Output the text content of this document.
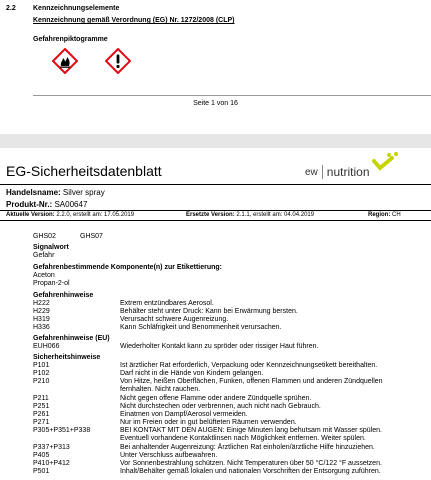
2.2 Kennzeichnungselemente
Kennzeichnung gemäß Verordnung (EG) Nr. 1272/2008 (CLP)
Gefahrenpiktogramme
Seite 1 von 16
EG-Sicherheitsdatenblatt	ew nutrition
Handelsname: Silver spray
Produkt-Nr.: SA00647
Aktuelle Version: 2.2.0, erstellt am: 17.05.2019	Ersetzte Version: 2.1.1, erstellt am: 04.04.2019	Region: CH
GHS02	GHS07
Signalwort
Gefahr
Gefahrenbestimmende Komponente(n) zur Etikettierung:
Aceton
Propan-2-ol
Gefahrenhinweise
H222	Extrem entzündbares Aerosol.
H229	Behälter steht unter Druck: Kann bei Erwärmung bersten.
H319	Verursacht schwere Augenreizung.
H336	Kann Schläfrigkeit und Benommenheit verursachen.
Gefahrenhinweise (EU)
EUH066	Wiederholter Kontakt kann zu spröder oder rissiger Haut führen.
Sicherheitshinweise
P101	Ist ärztlicher Rat erforderlich, Verpackung oder Kennzeichnungsetikett bereithalten.
P102	Darf nicht in die Hände von Kindern gelangen.
P210	Von Hitze, heißen Oberflächen, Funken, offenen Flammen und anderen Zündquellen
fernhalten. Nicht rauchen.
P211	Nicht gegen offene Flamme oder andere Zündquelle sprühen.
P251	Nicht durchstechen oder verbrennen, auch nicht nach Gebrauch.
P261	Einatmen von Dampf/Aerosol vermeiden.
P271	Nur im Freien oder in gut belüfteten Räumen verwenden.
P305+P351+P338	BEI KONTAKT MIT DEN AUGEN: Einige Minuten lang behutsam mit Wasser spülen.
Eventuell vorhandene Kontaktlinsen nach Möglichkeit entfernen. Weiter spülen.
P337+P313	Bei anhaltender Augenreizung: Ärztlichen Rat einholen/ärztliche Hilfe hinzuziehen.
P405	Unter Verschluss aufbewahren.
P410+P412	Vor Sonnenbestrahlung schützen. Nicht Temperaturen über 50 °C/122 °F aussetzen.
P501	Inhalt/Behälter gemäß lokalen und nationalen Vorschriften der Entsorgung zuführen.
